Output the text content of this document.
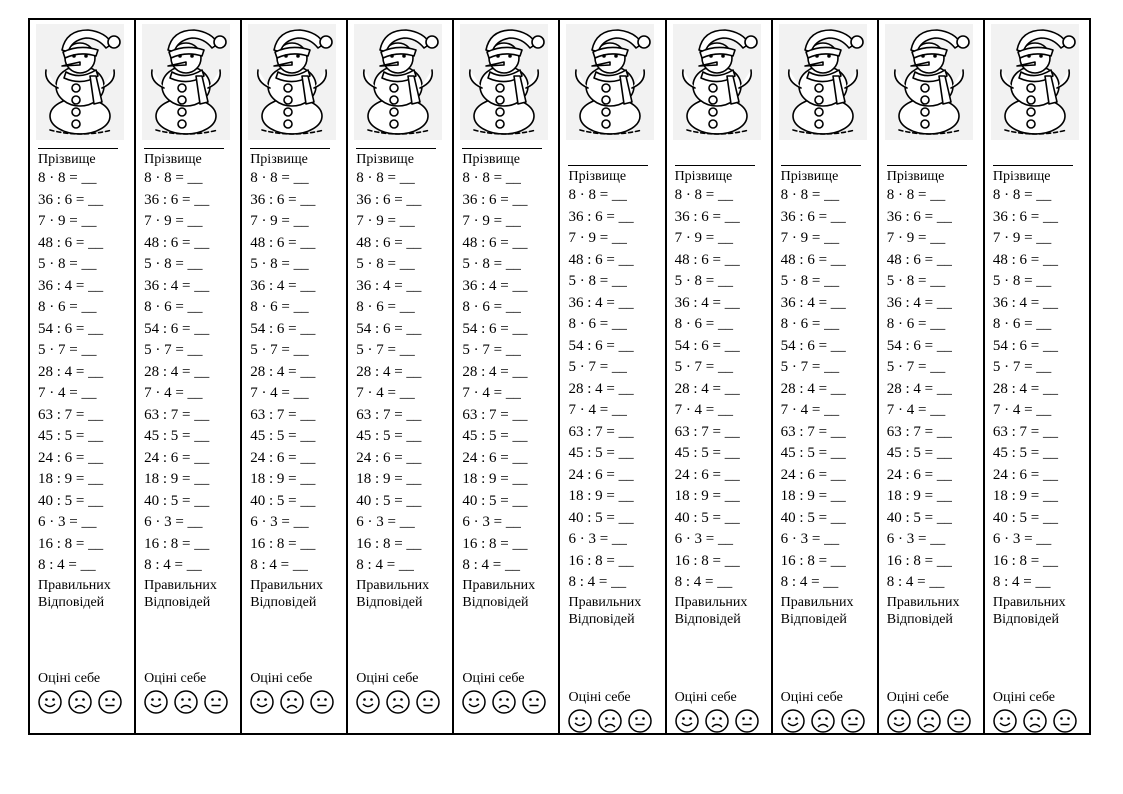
Прізвище
8 · 8 = __
36 : 6 = __
7 · 9 = __
48 : 6 = __
5 · 8 = __
36 : 4 = __
8 · 6 = __
54 : 6 = __
5 · 7 = __
28 : 4 = __
7 · 4 = __
63 : 7 = __
45 : 5 = __
24 : 6 = __
18 : 9 = __
40 : 5 = __
6 · 3 = __
16 : 8 = __
8 : 4 = __
Правильних
Відповідей
Оцінi себе
Прізвище
8 · 8 = __
36 : 6 = __
7 · 9 = __
48 : 6 = __
5 · 8 = __
36 : 4 = __
8 · 6 = __
54 : 6 = __
5 · 7 = __
28 : 4 = __
7 · 4 = __
63 : 7 = __
45 : 5 = __
24 : 6 = __
18 : 9 = __
40 : 5 = __
6 · 3 = __
16 : 8 = __
8 : 4 = __
Правильних
Відповідей
Оцінi себе
Прізвище
8 · 8 = __
36 : 6 = __
7 · 9 = __
48 : 6 = __
5 · 8 = __
36 : 4 = __
8 · 6 = __
54 : 6 = __
5 · 7 = __
28 : 4 = __
7 · 4 = __
63 : 7 = __
45 : 5 = __
24 : 6 = __
18 : 9 = __
40 : 5 = __
6 · 3 = __
16 : 8 = __
8 : 4 = __
Правильних
Відповідей
Оцінi себе
Прізвище
8 · 8 = __
36 : 6 = __
7 · 9 = __
48 : 6 = __
5 · 8 = __
36 : 4 = __
8 · 6 = __
54 : 6 = __
5 · 7 = __
28 : 4 = __
7 · 4 = __
63 : 7 = __
45 : 5 = __
24 : 6 = __
18 : 9 = __
40 : 5 = __
6 · 3 = __
16 : 8 = __
8 : 4 = __
Правильних
Відповідей
Оцінi себе
Прізвище
8 · 8 = __
36 : 6 = __
7 · 9 = __
48 : 6 = __
5 · 8 = __
36 : 4 = __
8 · 6 = __
54 : 6 = __
5 · 7 = __
28 : 4 = __
7 · 4 = __
63 : 7 = __
45 : 5 = __
24 : 6 = __
18 : 9 = __
40 : 5 = __
6 · 3 = __
16 : 8 = __
8 : 4 = __
Правильних
Відповідей
Оцінi себе
Прізвище
8 · 8 = __
36 : 6 = __
7 · 9 = __
48 : 6 = __
5 · 8 = __
36 : 4 = __
8 · 6 = __
54 : 6 = __
5 · 7 = __
28 : 4 = __
7 · 4 = __
63 : 7 = __
45 : 5 = __
24 : 6 = __
18 : 9 = __
40 : 5 = __
6 · 3 = __
16 : 8 = __
8 : 4 = __
Правильних
Відповідей
Оцінi себе
Прізвище
8 · 8 = __
36 : 6 = __
7 · 9 = __
48 : 6 = __
5 · 8 = __
36 : 4 = __
8 · 6 = __
54 : 6 = __
5 · 7 = __
28 : 4 = __
7 · 4 = __
63 : 7 = __
45 : 5 = __
24 : 6 = __
18 : 9 = __
40 : 5 = __
6 · 3 = __
16 : 8 = __
8 : 4 = __
Правильних
Відповідей
Оцінi себе
Прізвище
8 · 8 = __
36 : 6 = __
7 · 9 = __
48 : 6 = __
5 · 8 = __
36 : 4 = __
8 · 6 = __
54 : 6 = __
5 · 7 = __
28 : 4 = __
7 · 4 = __
63 : 7 = __
45 : 5 = __
24 : 6 = __
18 : 9 = __
40 : 5 = __
6 · 3 = __
16 : 8 = __
8 : 4 = __
Правильних
Відповідей
Оцінi себе
Прізвище
8 · 8 = __
36 : 6 = __
7 · 9 = __
48 : 6 = __
5 · 8 = __
36 : 4 = __
8 · 6 = __
54 : 6 = __
5 · 7 = __
28 : 4 = __
7 · 4 = __
63 : 7 = __
45 : 5 = __
24 : 6 = __
18 : 9 = __
40 : 5 = __
6 · 3 = __
16 : 8 = __
8 : 4 = __
Правильних
Відповідей
Оцінi себе
Прізвище
8 · 8 = __
36 : 6 = __
7 · 9 = __
48 : 6 = __
5 · 8 = __
36 : 4 = __
8 · 6 = __
54 : 6 = __
5 · 7 = __
28 : 4 = __
7 · 4 = __
63 : 7 = __
45 : 5 = __
24 : 6 = __
18 : 9 = __
40 : 5 = __
6 · 3 = __
16 : 8 = __
8 : 4 = __
Правильних
Відповідей
Оцінi себе
